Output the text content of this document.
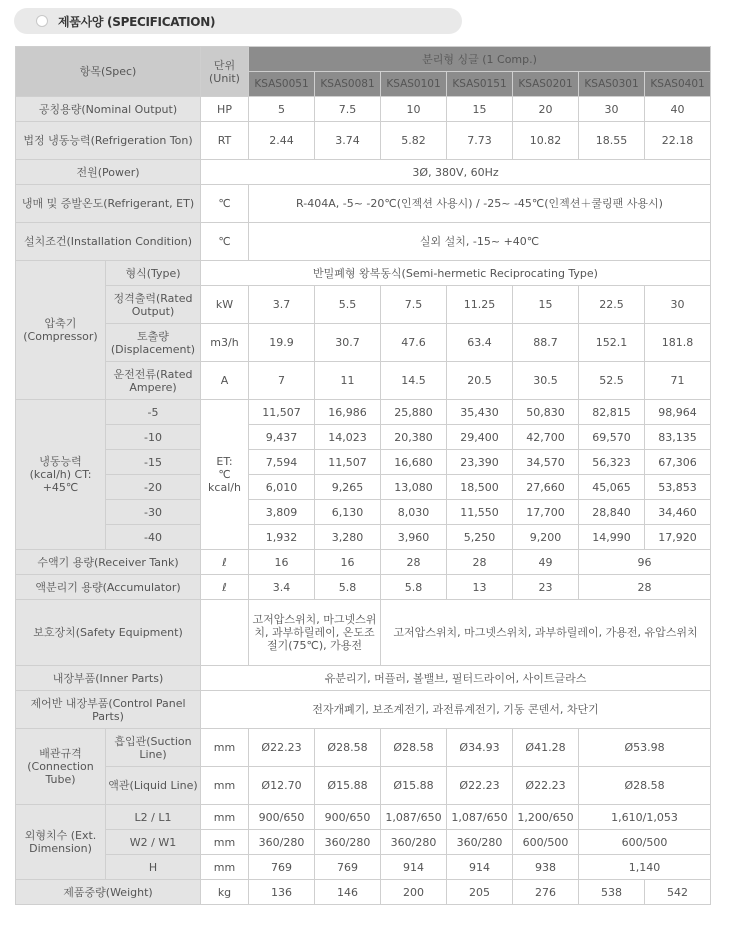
제품사양 (SPECIFICATION)
항목(Spec)		단위
(Unit)	분리형 싱글 (1 Comp.)						
			KSAS0051	KSAS0081	KSAS0101	KSAS0151	KSAS0201	KSAS0301	KSAS0401
공칭용량(Nominal Output)		HP	5	7.5	10	15	20	30	40
법정 냉동능력(Refrigeration Ton)		RT	2.44	3.74	5.82	7.73	10.82	18.55	22.18
전원(Power)		3Ø, 380V, 60Hz							
냉매 및 증발온도(Refrigerant, ET)		℃	R-404A, -5~ -20℃(인젝션 사용시) / -25~ -45℃(인젝션＋쿨링팬 사용시)						
설치조건(Installation Condition)		℃	실외 설치, -15~ +40℃						
압축기
(Compressor)	형식(Type)	반밀폐형 왕복동식(Semi-hermetic Reciprocating Type)							
	정격출력(Rated Output)	kW	3.7	5.5	7.5	11.25	15	22.5	30
	토출량
(Displacement)	m3/h	19.9	30.7	47.6	63.4	88.7	152.1	181.8
	운전전류(Rated Ampere)	A	7	11	14.5	20.5	30.5	52.5	71
냉동능력
(kcal/h) CT:
+45℃	-5	ET:
℃
kcal/h	11,507	16,986	25,880	35,430	50,830	82,815	98,964
	-10		9,437	14,023	20,380	29,400	42,700	69,570	83,135
	-15		7,594	11,507	16,680	23,390	34,570	56,323	67,306
	-20		6,010	9,265	13,080	18,500	27,660	45,065	53,853
	-30		3,809	6,130	8,030	11,550	17,700	28,840	34,460
	-40		1,932	3,280	3,960	5,250	9,200	14,990	17,920
수액기 용량(Receiver Tank)		ℓ	16	16	28	28	49	96	
액분리기 용량(Accumulator)		ℓ	3.4	5.8	5.8	13	23	28	
보호장치(Safety Equipment)			고저압스위치, 마그넷스위치, 과부하릴레이, 온도조절기(75℃), 가용전		고저압스위치, 마그넷스위치, 과부하릴레이, 가용전, 유압스위치				
내장부품(Inner Parts)		유분리기, 머플러, 볼밸브, 필터드라이어, 사이트글라스							
제어반 내장부품(Control Panel Parts)		전자개폐기, 보조계전기, 과전류계전기, 기동 콘덴서, 차단기							
배관규격
(Connection
Tube)	흡입관(Suction Line)	mm	Ø22.23	Ø28.58	Ø28.58	Ø34.93	Ø41.28	Ø53.98	
	액관(Liquid Line)	mm	Ø12.70	Ø15.88	Ø15.88	Ø22.23	Ø22.23	Ø28.58	
외형치수 (Ext. Dimension)	L2 / L1	mm	900/650	900/650	1,087/650	1,087/650	1,200/650	1,610/1,053	
	W2 / W1	mm	360/280	360/280	360/280	360/280	600/500	600/500	
	H	mm	769	769	914	914	938	1,140	
제품중량(Weight)		kg	136	146	200	205	276	538	542
